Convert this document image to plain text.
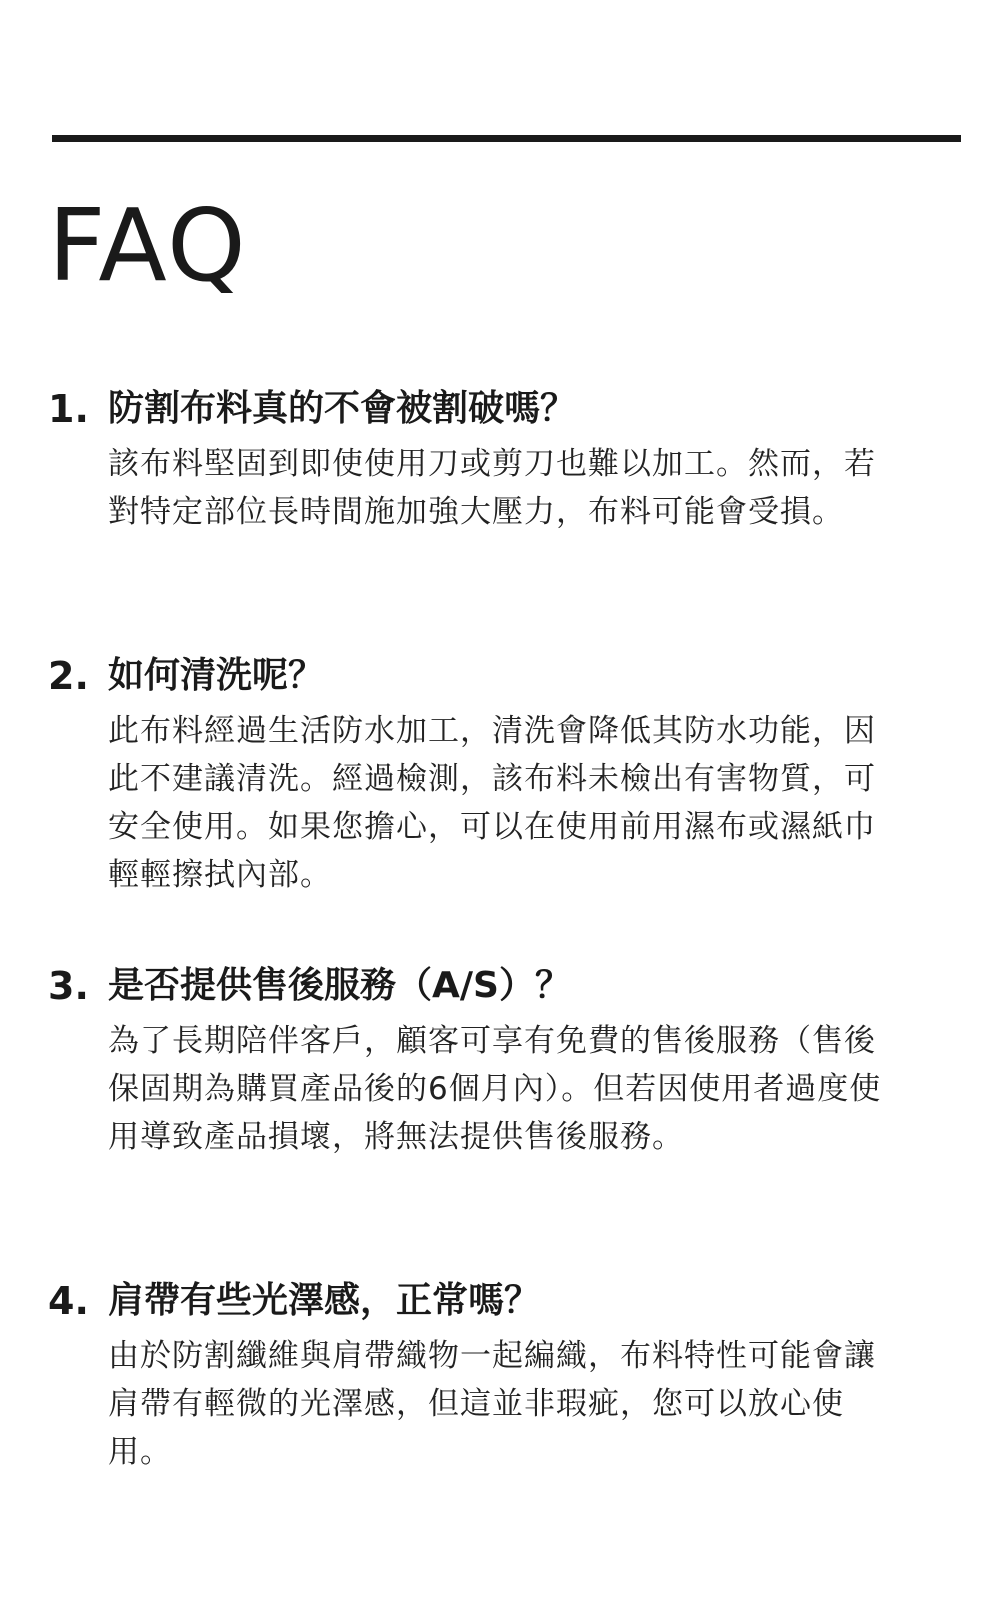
FAQ
1. 防割布料真的不會被割破嗎？

該布料堅固到即使使用刀或剪刀也難以加工。然而，若對特定部位長時間施加強大壓力，布料可能會受損。

2. 如何清洗呢？

此布料經過生活防水加工，清洗會降低其防水功能，因此不建議清洗。經過檢測，該布料未檢出有害物質，可安全使用。如果您擔心，可以在使用前用濕布或濕紙巾輕輕擦拭內部。

3. 是否提供售後服務（A/S）？

為了長期陪伴客戶，顧客可享有免費的售後服務（售後保固期為購買產品後的6個月內）。但若因使用者過度使用導致產品損壞，將無法提供售後服務。

4. 肩帶有些光澤感，正常嗎？

由於防割纖維與肩帶織物一起編織，布料特性可能會讓肩帶有輕微的光澤感，但這並非瑕疵，您可以放心使用。
